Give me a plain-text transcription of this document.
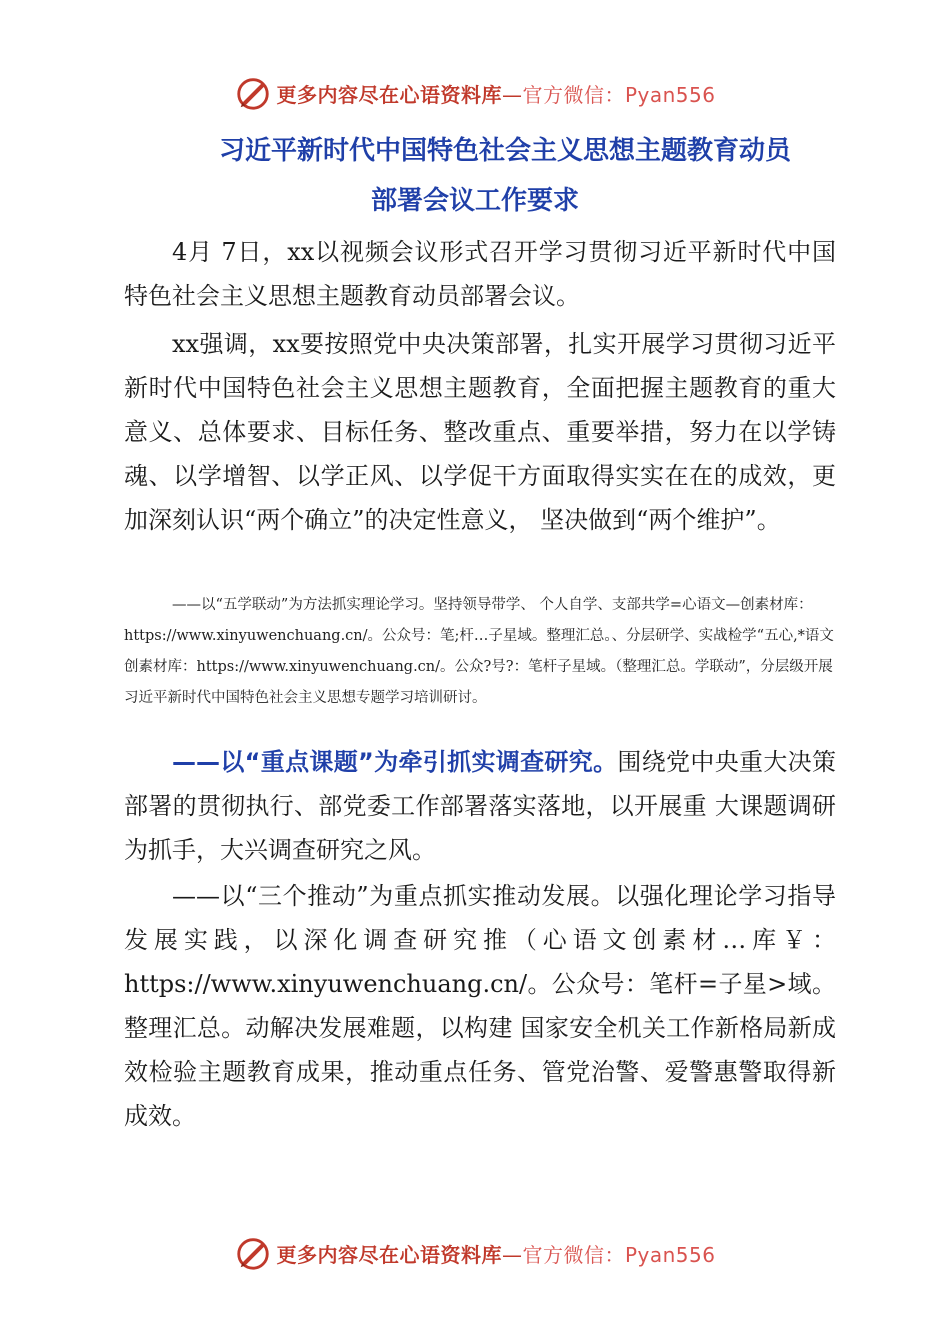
更多内容尽在心语资料库—官方微信：Pyan556
习近平新时代中国特色社会主义思想主题教育动员
部署会议工作要求

4月 7日，xx以视频会议形式召开学习贯彻习近平新时代中国特色社会主义思想主题教育动员部署会议。

xx强调，xx要按照党中央决策部署，扎实开展学习贯彻习近平新时代中国特色社会主义思想主题教育，全面把握主题教育的重大意义、总体要求、目标任务、整改重点、重要举措，努力在以学铸魂、以学增智、以学正风、以学促干方面取得实实在在的成效，更加深刻认识“两个确立”的决定性意义， 坚决做到“两个维护”。

——以“五学联动”为方法抓实理论学习。坚持领导带学、 个人自学、支部共学=心语文—创素材库：https://www.xinyuwenchuang.cn/。公众号：笔;杆…子星域。整理汇总。、分层研学、实战检学“五心,*语文创素材库：https://www.xinyuwenchuang.cn/。公众?号?：笔杆子星域。（整理汇总。学联动”，分层级开展习近平新时代中国特色社会主义思想专题学习培训研讨。

——以“重点课题”为牵引抓实调查研究。围绕党中央重大决策部署的贯彻执行、部党委工作部署落实落地，以开展重 大课题调研为抓手，大兴调查研究之风。

——以“三个推动”为重点抓实推动发展。以强化理论学习指导发展实践，以深化调查研究推（心语文创素材…库￥：https://www.xinyuwenchuang.cn/。公众号：笔杆=子星>域。整理汇总。动解决发展难题，以构建 国家安全机关工作新格局新成效检验主题教育成果，推动重点任务、管党治警、爱警惠警取得新成效。

更多内容尽在心语资料库—官方微信：Pyan556
